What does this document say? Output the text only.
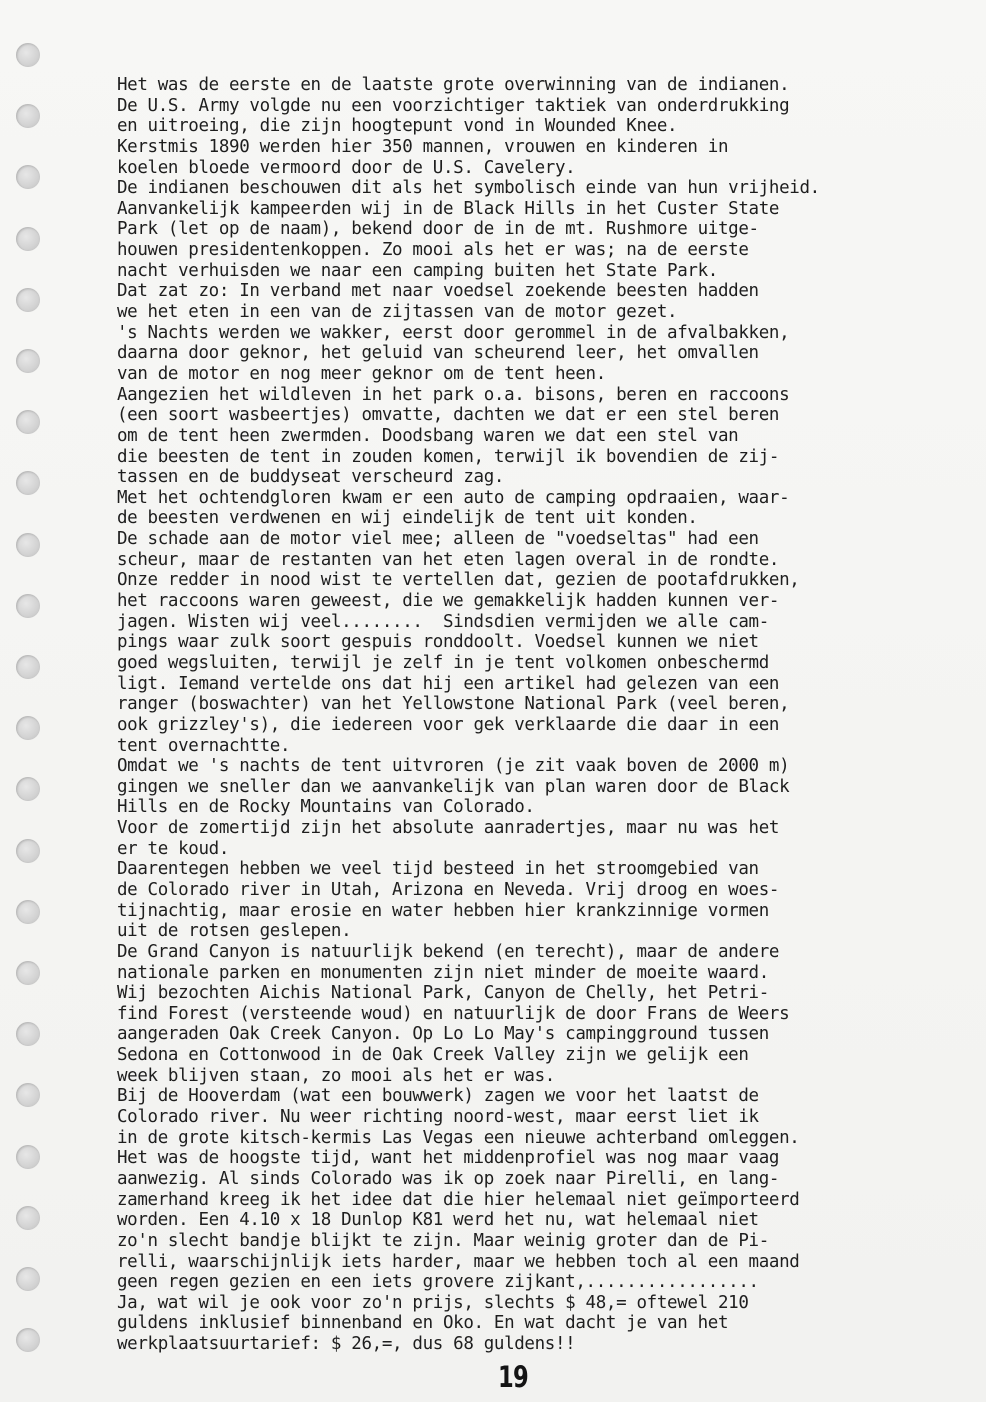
Het was de eerste en de laatste grote overwinning van de indianen.
De U.S. Army volgde nu een voorzichtiger taktiek van onderdrukking
en uitroeing, die zijn hoogtepunt vond in Wounded Knee.
Kerstmis 1890 werden hier 350 mannen, vrouwen en kinderen in
koelen bloede vermoord door de U.S. Cavelery.
De indianen beschouwen dit als het symbolisch einde van hun vrijheid.
Aanvankelijk kampeerden wij in de Black Hills in het Custer State
Park (let op de naam), bekend door de in de mt. Rushmore uitge-
houwen presidentenkoppen. Zo mooi als het er was; na de eerste
nacht verhuisden we naar een camping buiten het State Park.
Dat zat zo: In verband met naar voedsel zoekende beesten hadden
we het eten in een van de zijtassen van de motor gezet.
's Nachts werden we wakker, eerst door gerommel in de afvalbakken,
daarna door geknor, het geluid van scheurend leer, het omvallen
van de motor en nog meer geknor om de tent heen.
Aangezien het wildleven in het park o.a. bisons, beren en raccoons
(een soort wasbeertjes) omvatte, dachten we dat er een stel beren
om de tent heen zwermden. Doodsbang waren we dat een stel van
die beesten de tent in zouden komen, terwijl ik bovendien de zij-
tassen en de buddyseat verscheurd zag.
Met het ochtendgloren kwam er een auto de camping opdraaien, waar-
de beesten verdwenen en wij eindelijk de tent uit konden.
De schade aan de motor viel mee; alleen de "voedseltas" had een
scheur, maar de restanten van het eten lagen overal in de rondte.
Onze redder in nood wist te vertellen dat, gezien de pootafdrukken,
het raccoons waren geweest, die we gemakkelijk hadden kunnen ver-
jagen. Wisten wij veel........  Sindsdien vermijden we alle cam-
pings waar zulk soort gespuis ronddoolt. Voedsel kunnen we niet
goed wegsluiten, terwijl je zelf in je tent volkomen onbeschermd
ligt. Iemand vertelde ons dat hij een artikel had gelezen van een
ranger (boswachter) van het Yellowstone National Park (veel beren,
ook grizzley's), die iedereen voor gek verklaarde die daar in een
tent overnachtte.
Omdat we 's nachts de tent uitvroren (je zit vaak boven de 2000 m)
gingen we sneller dan we aanvankelijk van plan waren door de Black
Hills en de Rocky Mountains van Colorado.
Voor de zomertijd zijn het absolute aanradertjes, maar nu was het
er te koud.
Daarentegen hebben we veel tijd besteed in het stroomgebied van
de Colorado river in Utah, Arizona en Neveda. Vrij droog en woes-
tijnachtig, maar erosie en water hebben hier krankzinnige vormen
uit de rotsen geslepen.
De Grand Canyon is natuurlijk bekend (en terecht), maar de andere
nationale parken en monumenten zijn niet minder de moeite waard.
Wij bezochten Aichis National Park, Canyon de Chelly, het Petri-
find Forest (versteende woud) en natuurlijk de door Frans de Weers
aangeraden Oak Creek Canyon. Op Lo Lo May's campingground tussen
Sedona en Cottonwood in de Oak Creek Valley zijn we gelijk een
week blijven staan, zo mooi als het er was.
Bij de Hooverdam (wat een bouwwerk) zagen we voor het laatst de
Colorado river. Nu weer richting noord-west, maar eerst liet ik
in de grote kitsch-kermis Las Vegas een nieuwe achterband omleggen.
Het was de hoogste tijd, want het middenprofiel was nog maar vaag
aanwezig. Al sinds Colorado was ik op zoek naar Pirelli, en lang-
zamerhand kreeg ik het idee dat die hier helemaal niet geïmporteerd
worden. Een 4.10 x 18 Dunlop K81 werd het nu, wat helemaal niet
zo'n slecht bandje blijkt te zijn. Maar weinig groter dan de Pi-
relli, waarschijnlijk iets harder, maar we hebben toch al een maand
geen regen gezien en een iets grovere zijkant,.................
Ja, wat wil je ook voor zo'n prijs, slechts $ 48,= oftewel 210
guldens inklusief binnenband en Oko. En wat dacht je van het
werkplaatsuurtarief: $ 26,=, dus 68 guldens!!
19
